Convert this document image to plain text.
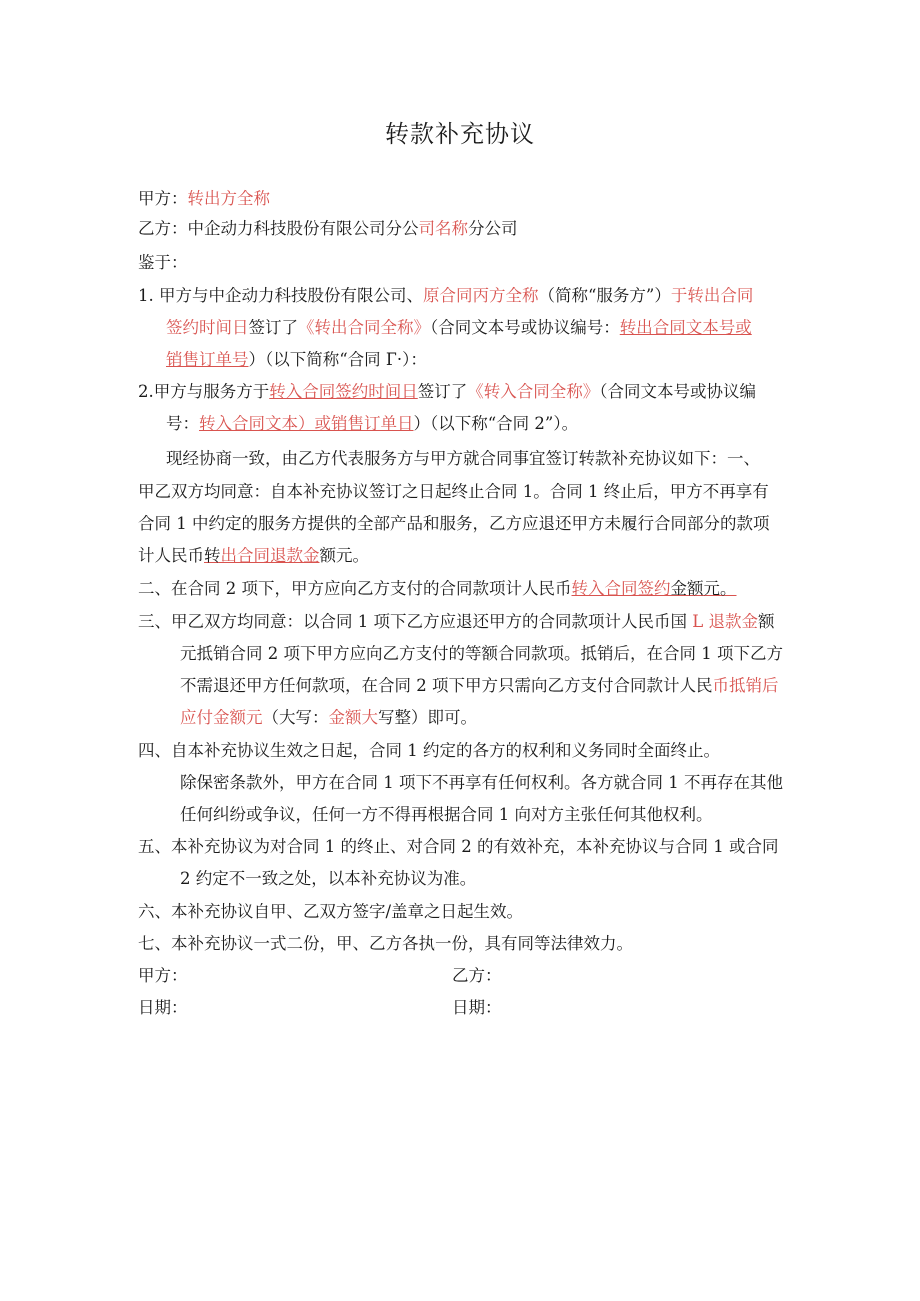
转款补充协议
甲方：转出方全称
乙方：中企动力科技股份有限公司分公司名称分公司
鉴于：
1. 甲方与中企动力科技股份有限公司、原合同丙方全称（简称“服务方”）于转出合同
签约时间日签订了《转出合同全称》（合同文本号或协议编号：转出合同文本号或
销售订单号）（以下简称“合同 Г·）：
2.甲方与服务方于转入合同签约时间日签订了《转入合同全称》（合同文本号或协议编
号：转入合同文本）或销售订单日）（以下称“合同 2”）。
现经协商一致，由乙方代表服务方与甲方就合同事宜签订转款补充协议如下：一、
甲乙双方均同意：自本补充协议签订之日起终止合同 1。合同 1 终止后，甲方不再享有
合同 1 中约定的服务方提供的全部产品和服务，乙方应退还甲方未履行合同部分的款项
计人民币转出合同退款金额元。
二、在合同 2 项下，甲方应向乙方支付的合同款项计人民币转入合同签约金额元。
三、甲乙双方均同意：以合同 1 项下乙方应退还甲方的合同款项计人民币国 L 退款金额
元抵销合同 2 项下甲方应向乙方支付的等额合同款项。抵销后，在合同 1 项下乙方
不需退还甲方任何款项，在合同 2 项下甲方只需向乙方支付合同款计人民币抵销后
应付金额元（大写：金额大写整）即可。
四、自本补充协议生效之日起，合同 1 约定的各方的权利和义务同时全面终止。
除保密条款外，甲方在合同 1 项下不再享有任何权利。各方就合同 1 不再存在其他
任何纠纷或争议，任何一方不得再根据合同 1 向对方主张任何其他权利。
五、本补充协议为对合同 1 的终止、对合同 2 的有效补充，本补充协议与合同 1 或合同
2 约定不一致之处，以本补充协议为准。
六、本补充协议自甲、乙双方签字/盖章之日起生效。
七、本补充协议一式二份，甲、乙方各执一份，具有同等法律效力。
甲方：	乙方：
日期：	日期：
